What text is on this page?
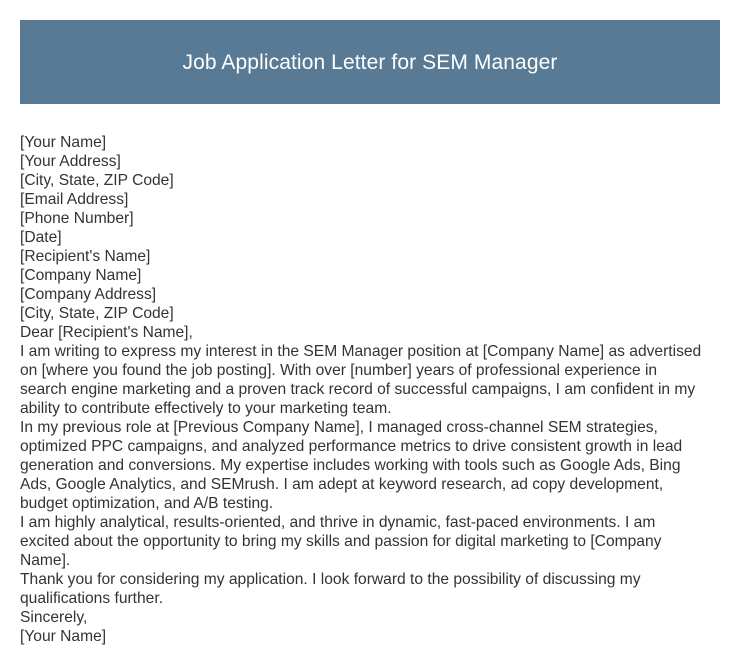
Job Application Letter for SEM Manager
[Your Name]
[Your Address]
[City, State, ZIP Code]
[Email Address]
[Phone Number]
[Date]
[Recipient's Name]
[Company Name]
[Company Address]
[City, State, ZIP Code]
Dear [Recipient's Name],
I am writing to express my interest in the SEM Manager position at [Company Name] as advertised
on [where you found the job posting]. With over [number] years of professional experience in
search engine marketing and a proven track record of successful campaigns, I am confident in my
ability to contribute effectively to your marketing team.
In my previous role at [Previous Company Name], I managed cross-channel SEM strategies,
optimized PPC campaigns, and analyzed performance metrics to drive consistent growth in lead
generation and conversions. My expertise includes working with tools such as Google Ads, Bing
Ads, Google Analytics, and SEMrush. I am adept at keyword research, ad copy development,
budget optimization, and A/B testing.
I am highly analytical, results-oriented, and thrive in dynamic, fast-paced environments. I am
excited about the opportunity to bring my skills and passion for digital marketing to [Company
Name].
Thank you for considering my application. I look forward to the possibility of discussing my
qualifications further.
Sincerely,
[Your Name]
